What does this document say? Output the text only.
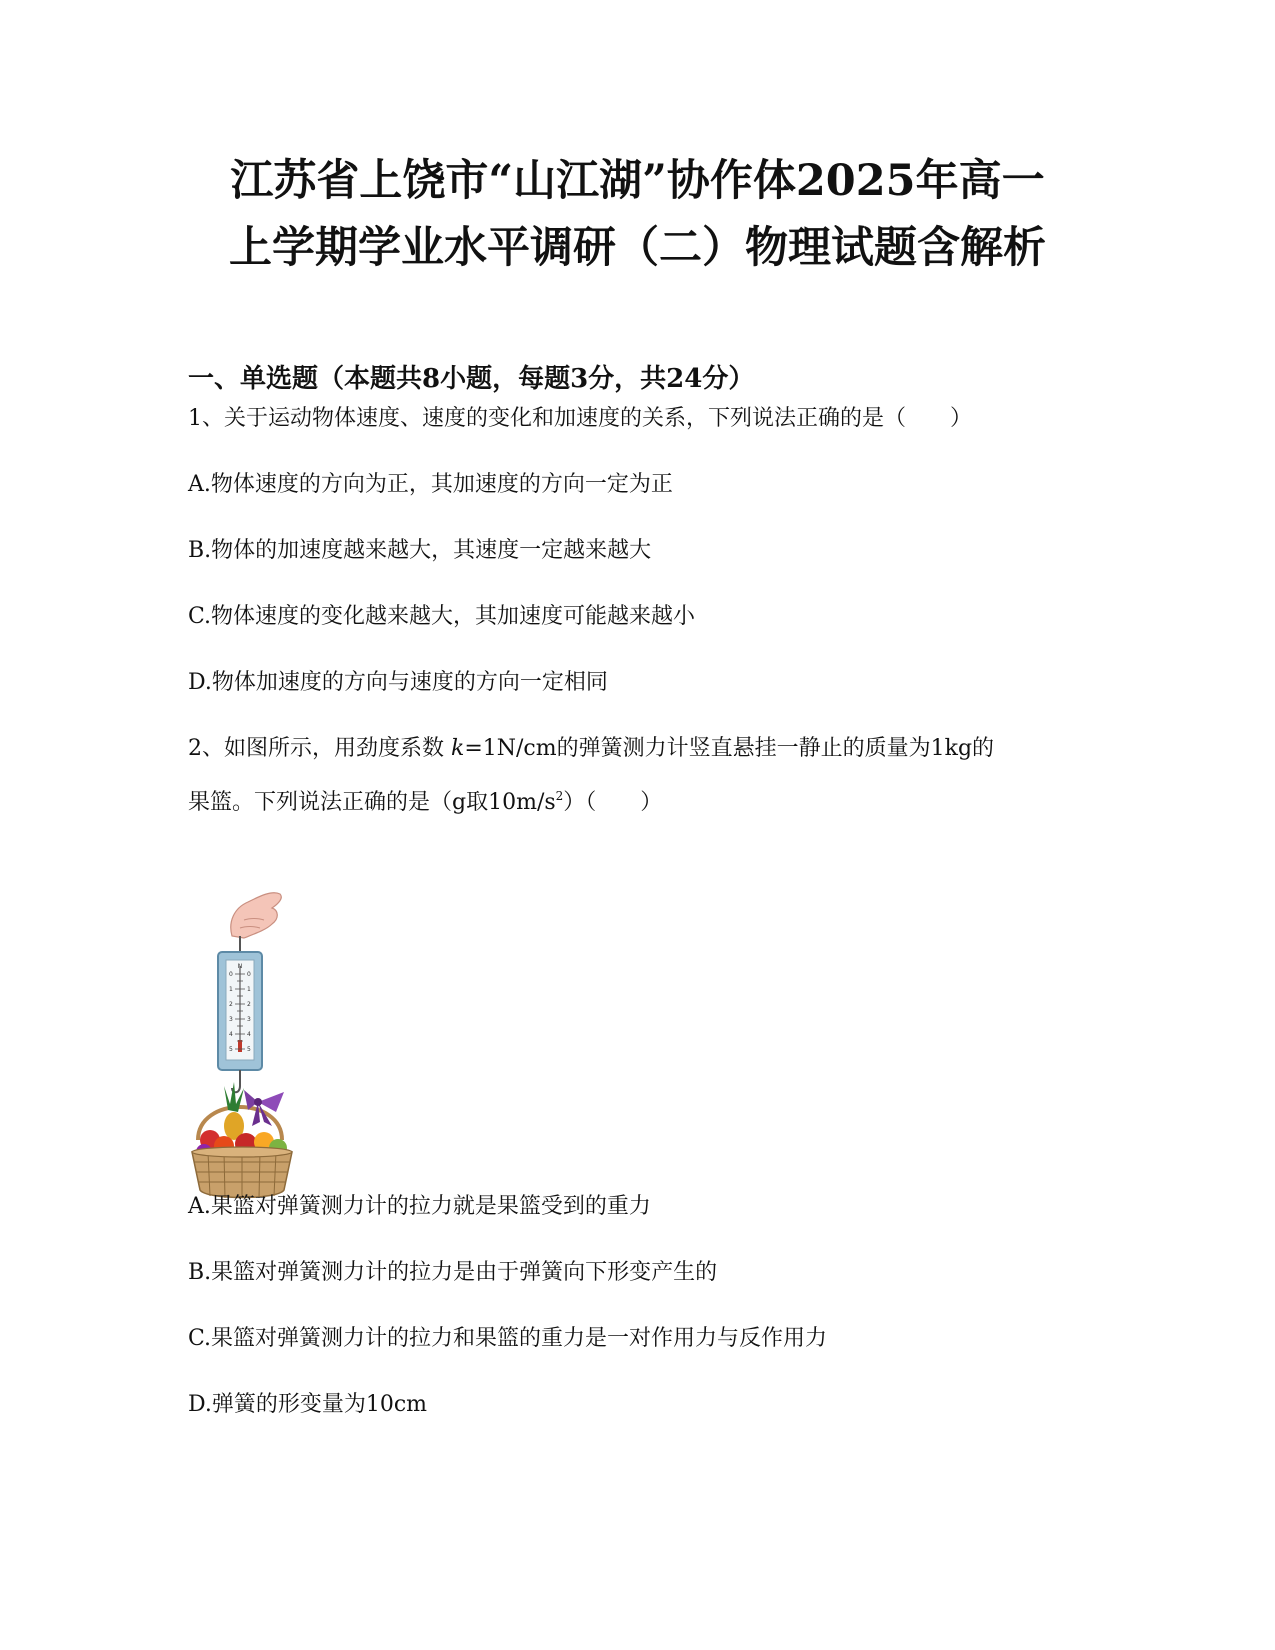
江苏省上饶市“山江湖”协作体2025年高一
上学期学业水平调研（二）物理试题含解析
一、单选题（本题共8小题，每题3分，共24分）

1、关于运动物体速度、速度的变化和加速度的关系，下列说法正确的是（　　）

A.物体速度的方向为正，其加速度的方向一定为正

B.物体的加速度越来越大，其速度一定越来越大

C.物体速度的变化越来越大，其加速度可能越来越小

D.物体加速度的方向与速度的方向一定相同

2、如图所示，用劲度系数 k=1N/cm的弹簧测力计竖直悬挂一静止的质量为1kg的

果篮。下列说法正确的是（g取$10m/s^2$）（　　）

N
0
1
2
3
4
5
0
1
2
3
4
5

A.果篮对弹簧测力计的拉力就是果篮受到的重力

B.果篮对弹簧测力计的拉力是由于弹簧向下形变产生的

C.果篮对弹簧测力计的拉力和果篮的重力是一对作用力与反作用力

D.弹簧的形变量为10cm
